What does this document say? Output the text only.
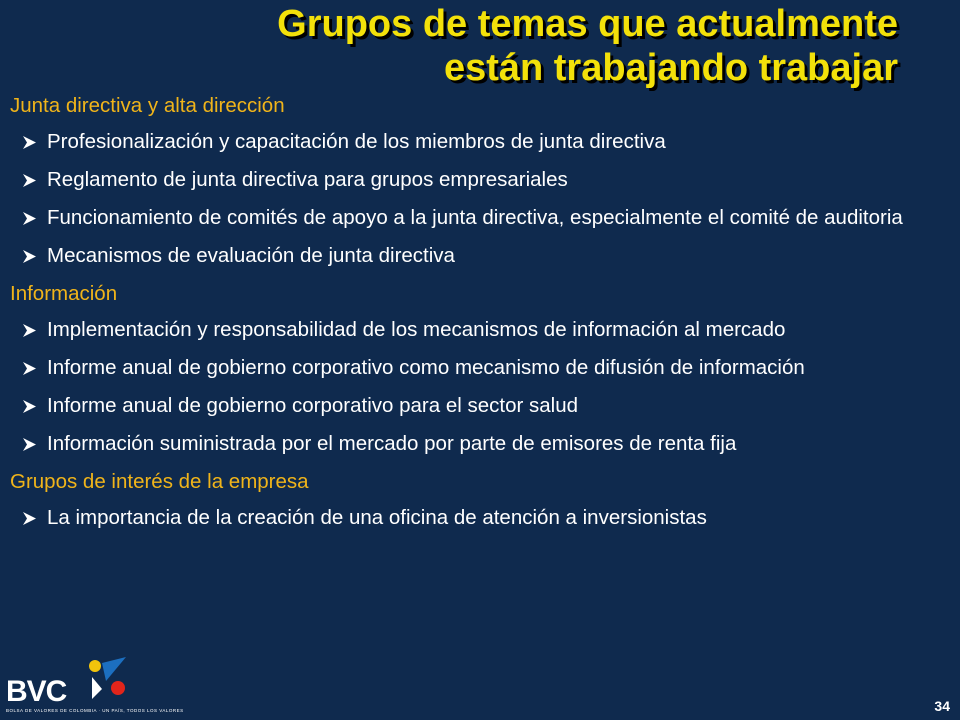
Grupos de temas que actualmente
están trabajando trabajar
Junta directiva y alta dirección
Profesionalización y capacitación de los miembros de junta directiva
Reglamento de junta directiva para grupos empresariales
Funcionamiento de comités de apoyo a la junta directiva, especialmente el comité de auditoria
Mecanismos de evaluación de junta directiva
Información
Implementación y responsabilidad de los mecanismos de información al mercado
Informe anual de gobierno corporativo como mecanismo de difusión de información
Informe anual de gobierno corporativo para el sector salud
Información suministrada por el mercado por parte de emisores de renta fija
Grupos de interés de la empresa
La importancia de la creación de una oficina de atención a inversionistas
BVC
BOLSA DE VALORES DE COLOMBIA · UN PAÍS, TODOS LOS VALORES	34
